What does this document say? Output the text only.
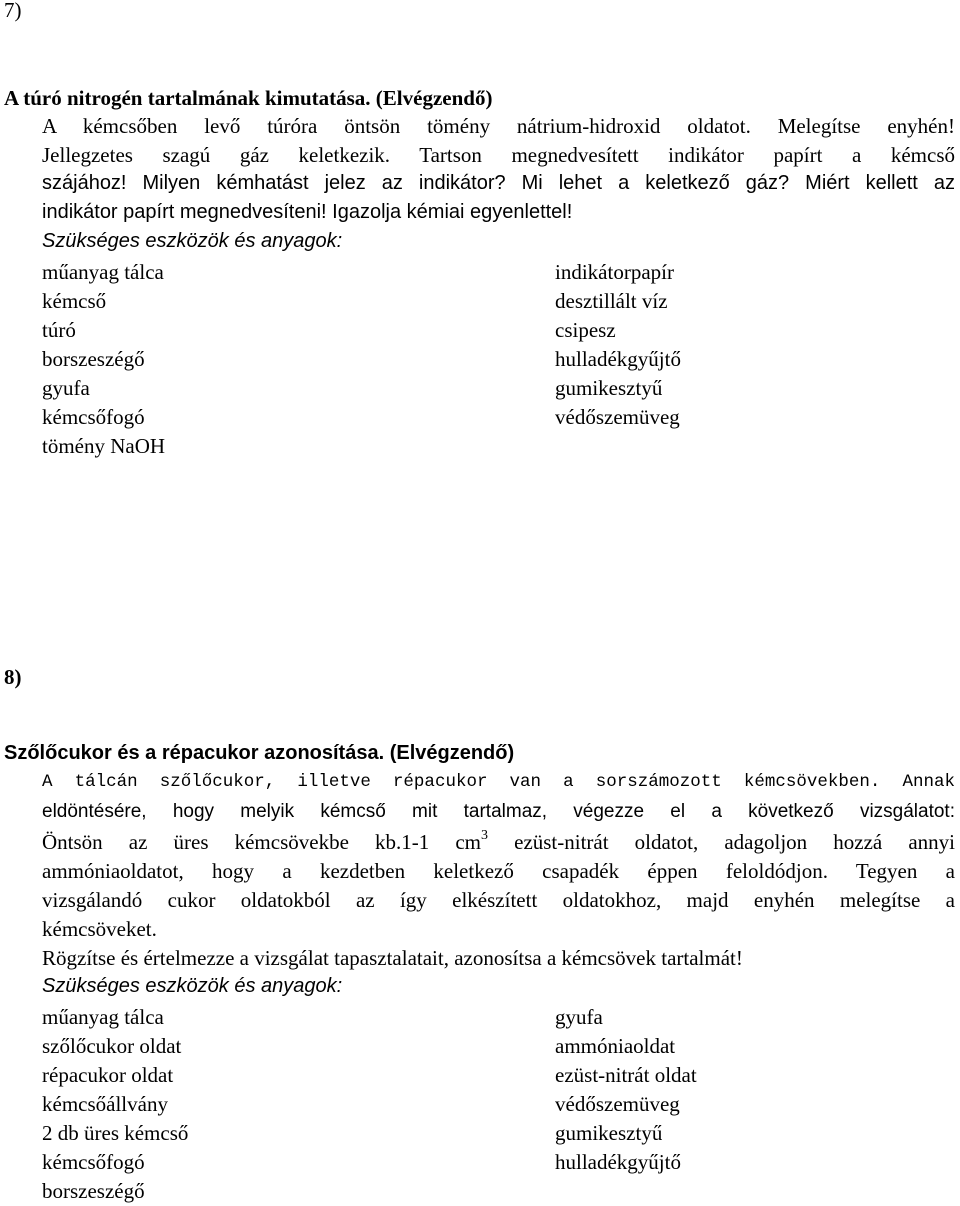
7)
A túró nitrogén tartalmának kimutatása. (Elvégzendő)
A kémcsőben levő túróra öntsön tömény nátrium-hidroxid oldatot. Melegítse enyhén!
Jellegzetes szagú gáz keletkezik. Tartson megnedvesített indikátor papírt a kémcső
szájához! Milyen kémhatást jelez az indikátor? Mi lehet a keletkező gáz? Miért kellett az
indikátor papírt megnedvesíteni! Igazolja kémiai egyenlettel!
Szükséges eszközök és anyagok:
műanyag tálca
kémcső
túró
borszeszégő
gyufa
kémcsőfogó
tömény NaOH
indikátorpapír
desztillált víz
csipesz
hulladékgyűjtő
gumikesztyű
védőszemüveg
8)
Szőlőcukor és a répacukor azonosítása. (Elvégzendő)
A tálcán szőlőcukor, illetve répacukor van a sorszámozott kémcsövekben. Annak
eldöntésére, hogy melyik kémcső mit tartalmaz, végezze el a következő vizsgálatot:
Öntsön az üres kémcsövekbe kb.1-1 $cm^3$ ezüst-nitrát oldatot, adagoljon hozzá annyi
ammóniaoldatot, hogy a kezdetben keletkező csapadék éppen feloldódjon. Tegyen a
vizsgálandó cukor oldatokból az így elkészített oldatokhoz, majd enyhén melegítse a
kémcsöveket.
Rögzítse és értelmezze a vizsgálat tapasztalatait, azonosítsa a kémcsövek tartalmát!
Szükséges eszközök és anyagok:
műanyag tálca
szőlőcukor oldat
répacukor oldat
kémcsőállvány
2 db üres kémcső
kémcsőfogó
borszeszégő
gyufa
ammóniaoldat
ezüst-nitrát oldat
védőszemüveg
gumikesztyű
hulladékgyűjtő
